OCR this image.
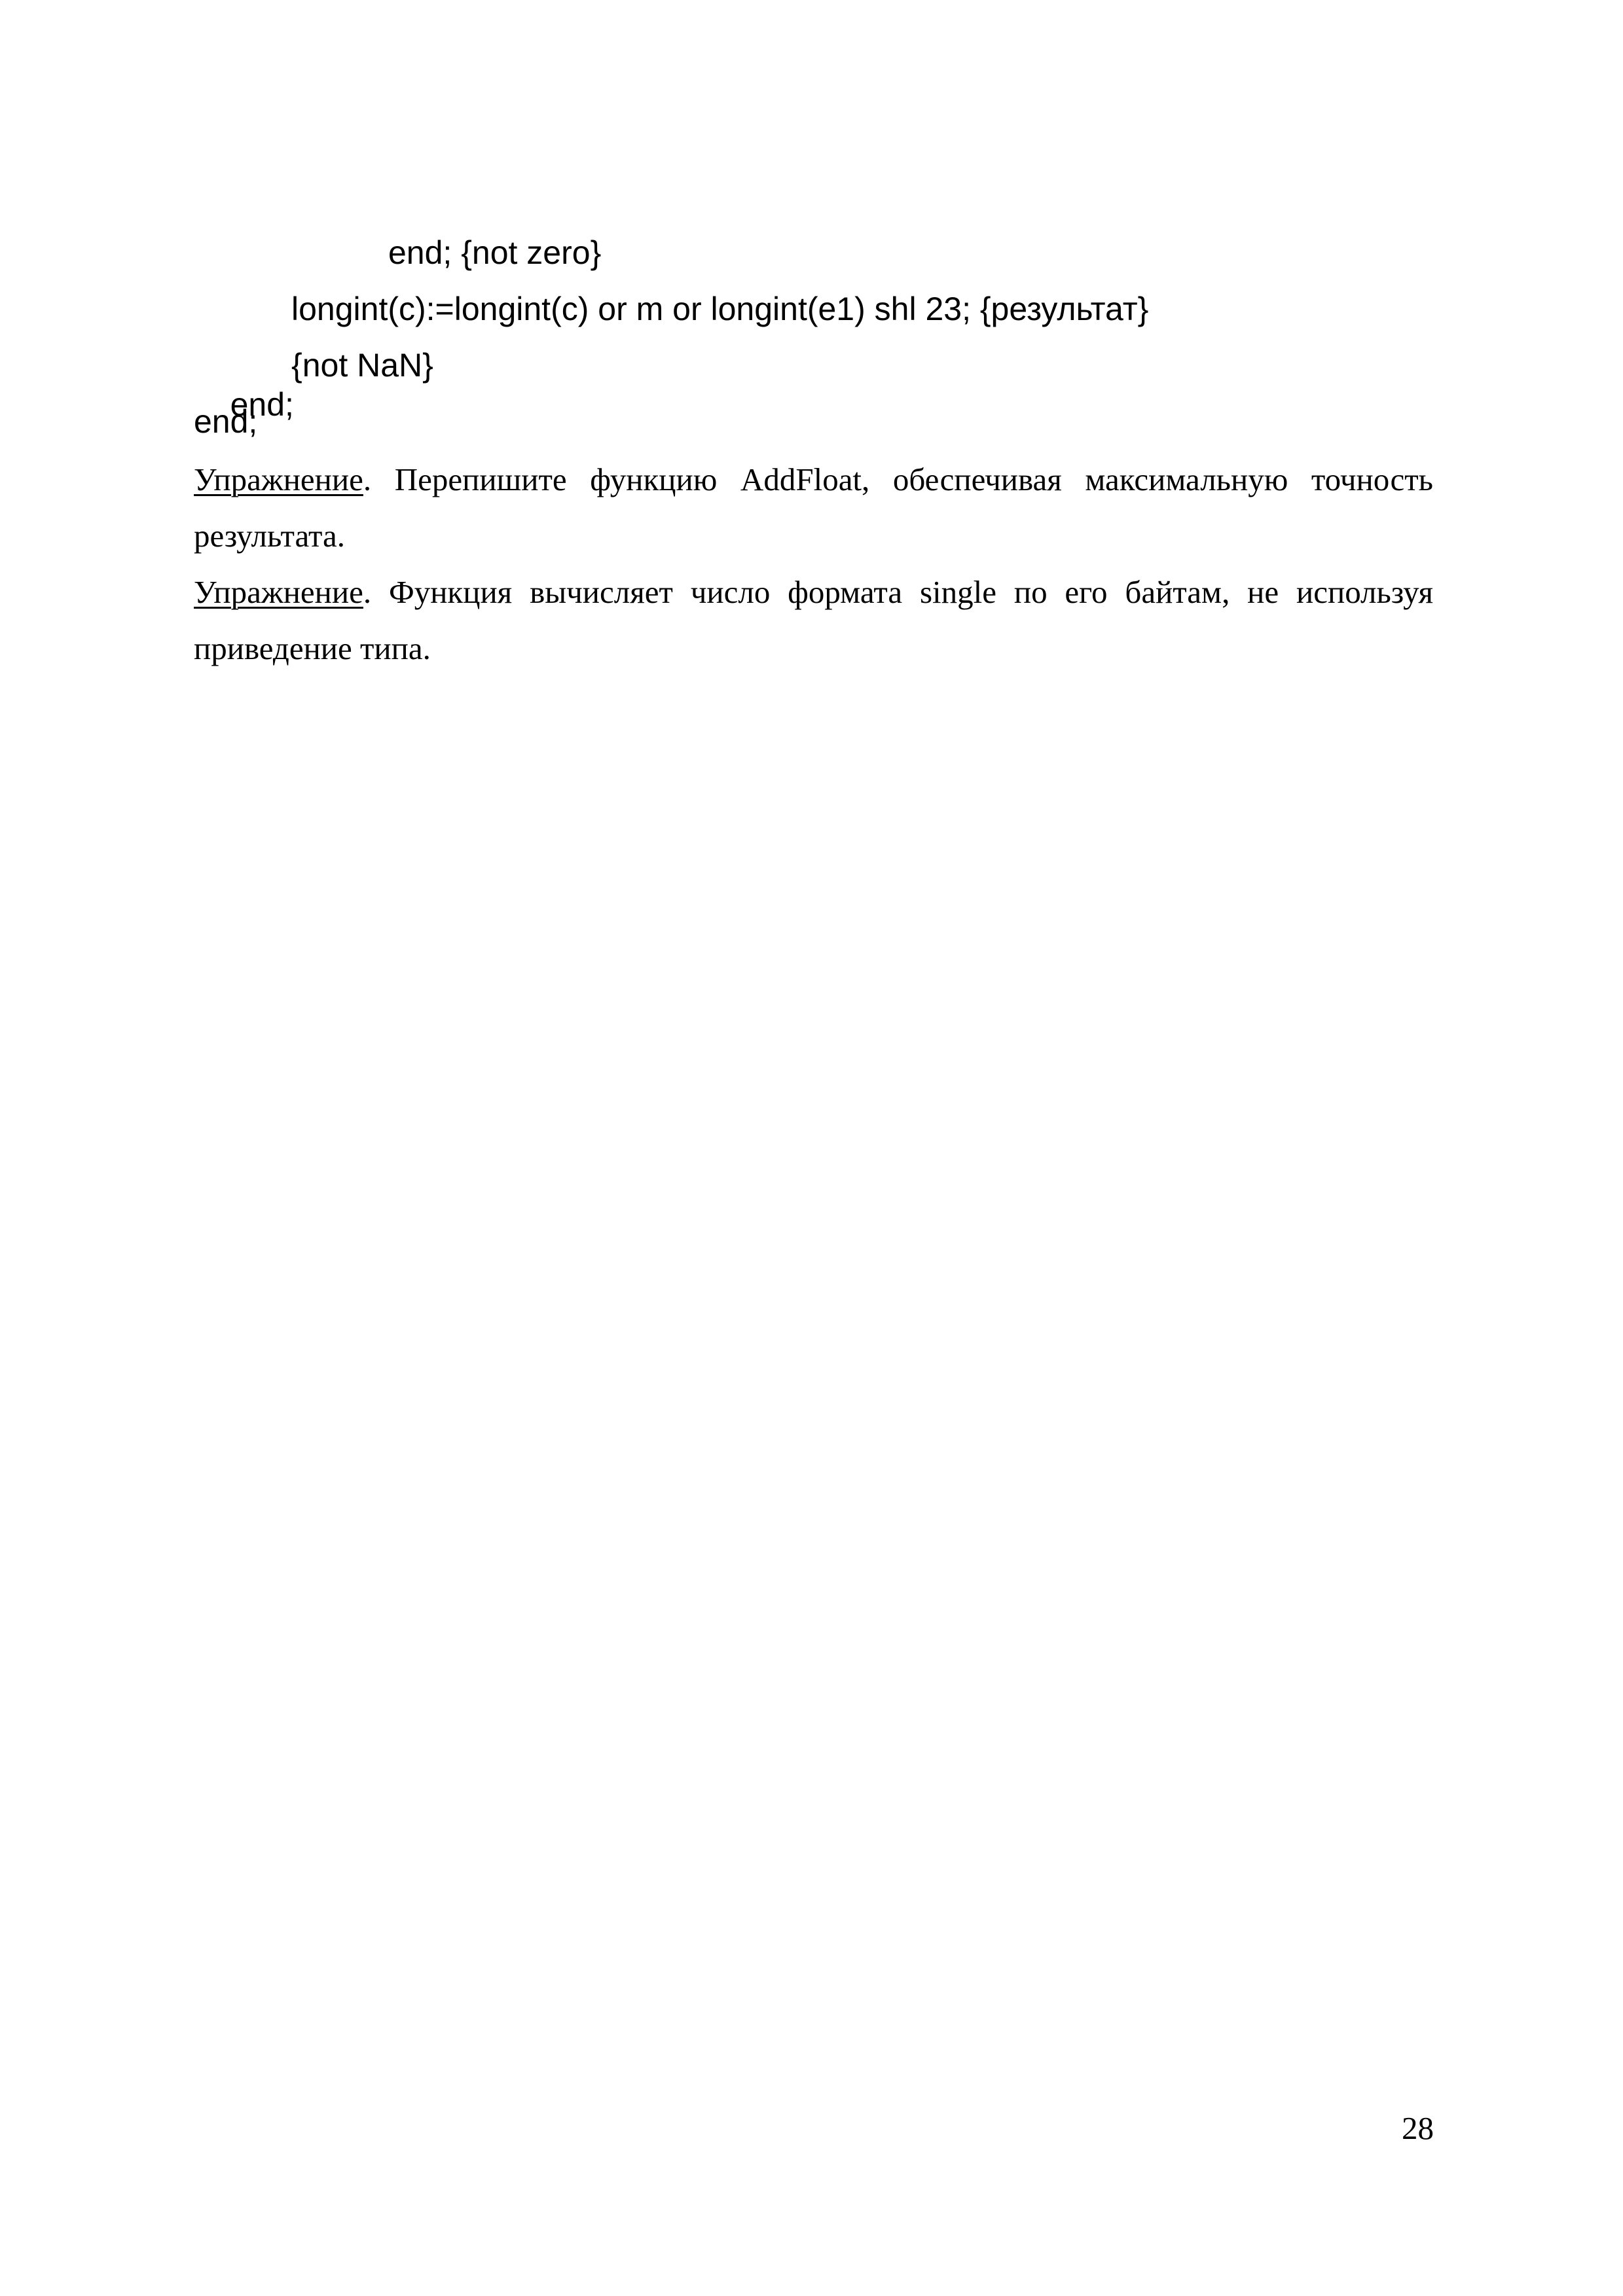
end; {not zero}
longint(c):=longint(c) or m or longint(e1) shl 23; {результат}

end;

{not NaN}

end;

Упражнение. Перепишите функцию AddFloat, обеспечивая максимальную точность результата.

Упражнение. Функция вычисляет число формата single по его байтам, не используя приведение типа.

28
